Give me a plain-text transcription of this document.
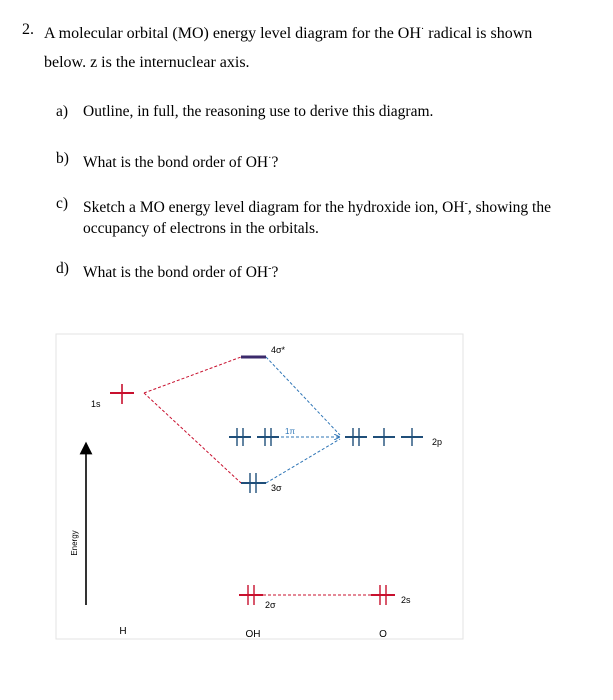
2. A molecular orbital (MO) energy level diagram for the OH· radical is shown
below. z is the internuclear axis.
a) Outline, in full, the reasoning use to derive this diagram.
b) What is the bond order of OH·?
c) Sketch a MO energy level diagram for the hydroxide ion, OH-, showing the occupancy of electrons in the orbitals.
d) What is the bond order of OH-?
Energy
1s
4σ*
1π
3σ
2p
2σ	2s
H	OH	O
